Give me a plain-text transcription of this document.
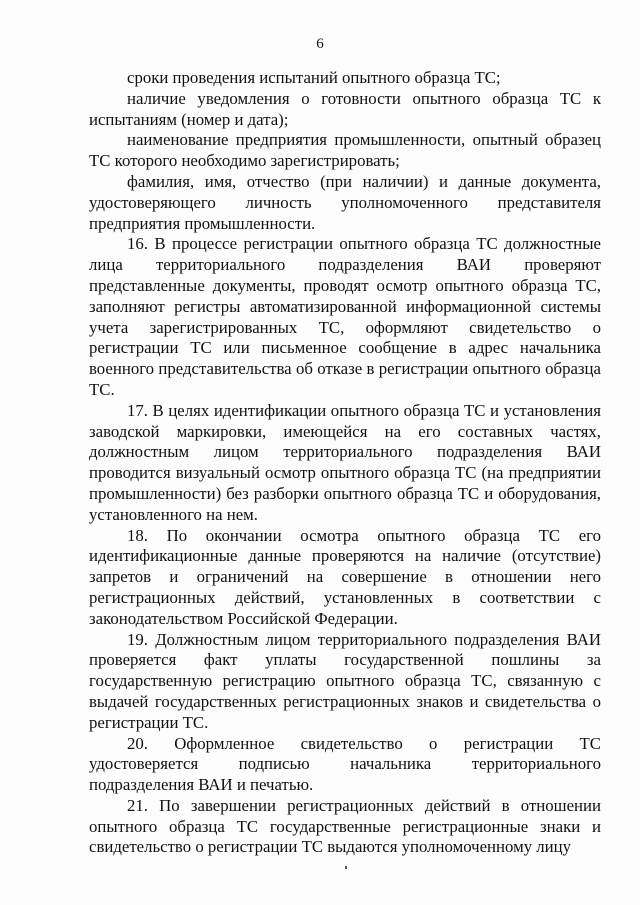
6

сроки проведения испытаний опытного образца ТС;

наличие уведомления о готовности опытного образца ТС к испытаниям (номер и дата);

наименование предприятия промышленности, опытный образец ТС которого необходимо зарегистрировать;

фамилия, имя, отчество (при наличии) и данные документа, удостоверяющего личность уполномоченного представителя предприятия промышленности.

16. В процессе регистрации опытного образца ТС должностные лица территориального подразделения ВАИ проверяют представленные документы, проводят осмотр опытного образца ТС, заполняют регистры автоматизированной информационной системы учета зарегистрированных ТС, оформляют свидетельство о регистрации ТС или письменное сообщение в адрес начальника военного представительства об отказе в регистрации опытного образца ТС.

17. В целях идентификации опытного образца ТС и установления заводской маркировки, имеющейся на его составных частях, должностным лицом территориального подразделения ВАИ проводится визуальный осмотр опытного образца ТС (на предприятии промышленности) без разборки опытного образца ТС и оборудования, установленного на нем.

18. По окончании осмотра опытного образца ТС его идентификационные данные проверяются на наличие (отсутствие) запретов и ограничений на совершение в отношении него регистрационных действий, установленных в соответствии с законодательством Российской Федерации.

19. Должностным лицом территориального подразделения ВАИ проверяется факт уплаты государственной пошлины за государственную регистрацию опытного образца ТС, связанную с выдачей государственных регистрационных знаков и свидетельства о регистрации ТС.

20. Оформленное свидетельство о регистрации ТС удостоверяется подписью начальника территориального подразделения ВАИ и печатью.

21. По завершении регистрационных действий в отношении опытного образца ТС государственные регистрационные знаки и свидетельство о регистрации ТС выдаются уполномоченному лицу
